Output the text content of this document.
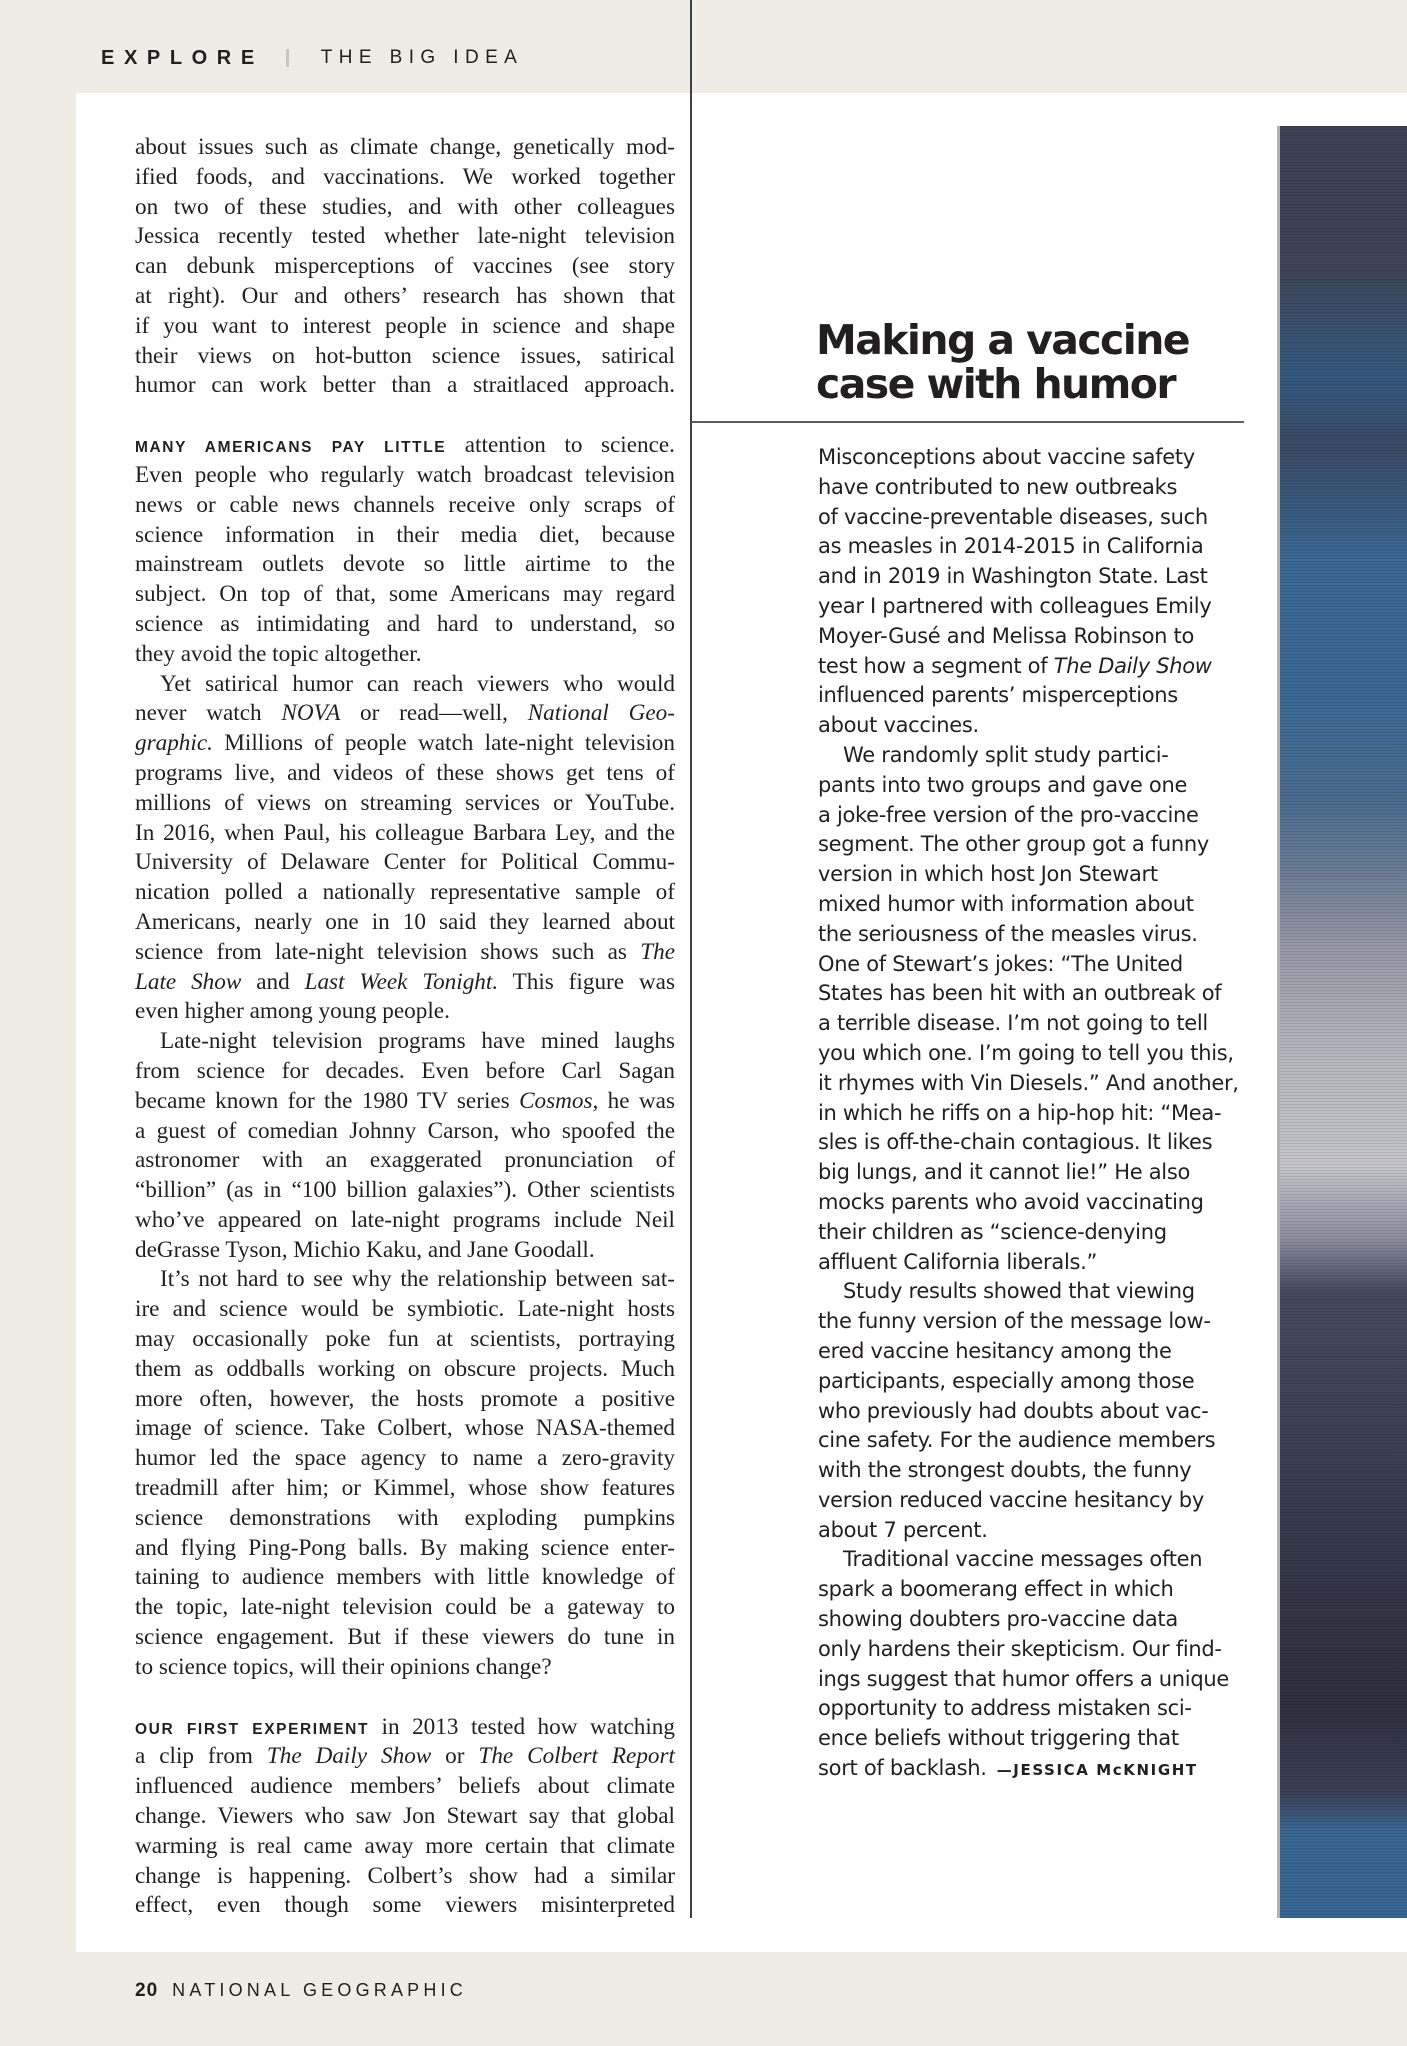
EXPLORE	THE BIG IDEA
about issues such as climate change, genetically mod-
ified foods, and vaccinations. We worked together
on two of these studies, and with other colleagues
Jessica recently tested whether late-night television
can debunk misperceptions of vaccines (see story
at right). Our and others’ research has shown that
if you want to interest people in science and shape
their views on hot-button science issues, satirical
humor can work better than a straitlaced approach.
MANY AMERICANS PAY LITTLE attention to science.
Even people who regularly watch broadcast television
news or cable news channels receive only scraps of
science information in their media diet, because
mainstream outlets devote so little airtime to the
subject. On top of that, some Americans may regard
science as intimidating and hard to understand, so
they avoid the topic altogether.
Yet satirical humor can reach viewers who would
never watch NOVA or read—well, National Geo-
graphic. Millions of people watch late-night television
programs live, and videos of these shows get tens of
millions of views on streaming services or YouTube.
In 2016, when Paul, his colleague Barbara Ley, and the
University of Delaware Center for Political Commu-
nication polled a nationally representative sample of
Americans, nearly one in 10 said they learned about
science from late-night television shows such as The
Late Show and Last Week Tonight. This figure was
even higher among young people.
Late-night television programs have mined laughs
from science for decades. Even before Carl Sagan
became known for the 1980 TV series Cosmos, he was
a guest of comedian Johnny Carson, who spoofed the
astronomer with an exaggerated pronunciation of
“billion” (as in “100 billion galaxies”). Other scientists
who’ve appeared on late-night programs include Neil
deGrasse Tyson, Michio Kaku, and Jane Goodall.
It’s not hard to see why the relationship between sat-
ire and science would be symbiotic. Late-night hosts
may occasionally poke fun at scientists, portraying
them as oddballs working on obscure projects. Much
more often, however, the hosts promote a positive
image of science. Take Colbert, whose NASA-themed
humor led the space agency to name a zero-gravity
treadmill after him; or Kimmel, whose show features
science demonstrations with exploding pumpkins
and flying Ping-Pong balls. By making science enter-
taining to audience members with little knowledge of
the topic, late-night television could be a gateway to
science engagement. But if these viewers do tune in
to science topics, will their opinions change?
OUR FIRST EXPERIMENT in 2013 tested how watching
a clip from The Daily Show or The Colbert Report
influenced audience members’ beliefs about climate
change. Viewers who saw Jon Stewart say that global
warming is real came away more certain that climate
change is happening. Colbert’s show had a similar
effect, even though some viewers misinterpreted
Making a vaccine
case with humor
Misconceptions about vaccine safety
have contributed to new outbreaks
of vaccine-preventable diseases, such
as measles in 2014-2015 in California
and in 2019 in Washington State. Last
year I partnered with colleagues Emily
Moyer-Gusé and Melissa Robinson to
test how a segment of The Daily Show
influenced parents’ misperceptions
about vaccines.
We randomly split study partici-
pants into two groups and gave one
a joke-free version of the pro-vaccine
segment. The other group got a funny
version in which host Jon Stewart
mixed humor with information about
the seriousness of the measles virus.
One of Stewart’s jokes: “The United
States has been hit with an outbreak of
a terrible disease. I’m not going to tell
you which one. I’m going to tell you this,
it rhymes with Vin Diesels.” And another,
in which he riffs on a hip-hop hit: “Mea-
sles is off-the-chain contagious. It likes
big lungs, and it cannot lie!” He also
mocks parents who avoid vaccinating
their children as “science-denying
affluent California liberals.”
Study results showed that viewing
the funny version of the message low-
ered vaccine hesitancy among the
participants, especially among those
who previously had doubts about vac-
cine safety. For the audience members
with the strongest doubts, the funny
version reduced vaccine hesitancy by
about 7 percent.
Traditional vaccine messages often
spark a boomerang effect in which
showing doubters pro-vaccine data
only hardens their skepticism. Our find-
ings suggest that humor offers a unique
opportunity to address mistaken sci-
ence beliefs without triggering that
sort of backlash. —JESSICA McKNIGHT
20 NATIONAL GEOGRAPHIC
